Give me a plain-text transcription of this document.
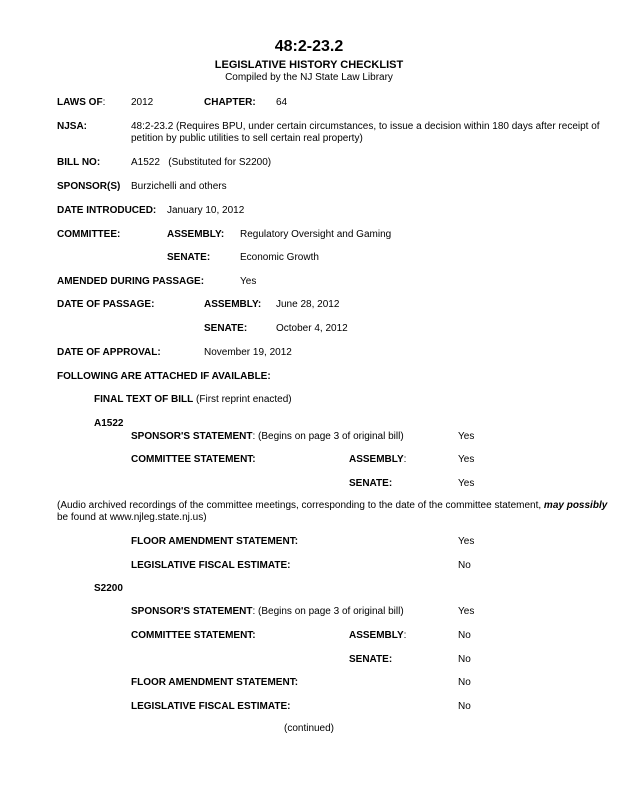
48:2-23.2
LEGISLATIVE HISTORY CHECKLIST
Compiled by the NJ State Law Library
LAWS OF:	2012	CHAPTER: 64
NJSA:	48:2-23.2 (Requires BPU, under certain circumstances, to issue a decision within 180 days after receipt of
petition by public utilities to sell certain real property)
BILL NO:	A1522   (Substituted for S2200)
SPONSOR(S) Burzichelli and others
DATE INTRODUCED: January 10, 2012
COMMITTEE:	ASSEMBLY: Regulatory Oversight and Gaming
SENATE:	Economic Growth
AMENDED DURING PASSAGE:	Yes
DATE OF PASSAGE:	ASSEMBLY: June 28, 2012
SENATE:	October 4, 2012
DATE OF APPROVAL:	November 19, 2012
FOLLOWING ARE ATTACHED IF AVAILABLE:
FINAL TEXT OF BILL (First reprint enacted)
A1522
SPONSOR'S STATEMENT: (Begins on page 3 of original bill)	Yes
COMMITTEE STATEMENT:	ASSEMBLY:	Yes
SENATE:	Yes
(Audio archived recordings of the committee meetings, corresponding to the date of the committee statement, may possibly
be found at www.njleg.state.nj.us)
FLOOR AMENDMENT STATEMENT:	Yes
LEGISLATIVE FISCAL ESTIMATE:	No
S2200
SPONSOR'S STATEMENT: (Begins on page 3 of original bill)	Yes
COMMITTEE STATEMENT:	ASSEMBLY:	No
SENATE:	No
FLOOR AMENDMENT STATEMENT:	No
LEGISLATIVE FISCAL ESTIMATE:	No
(continued)
